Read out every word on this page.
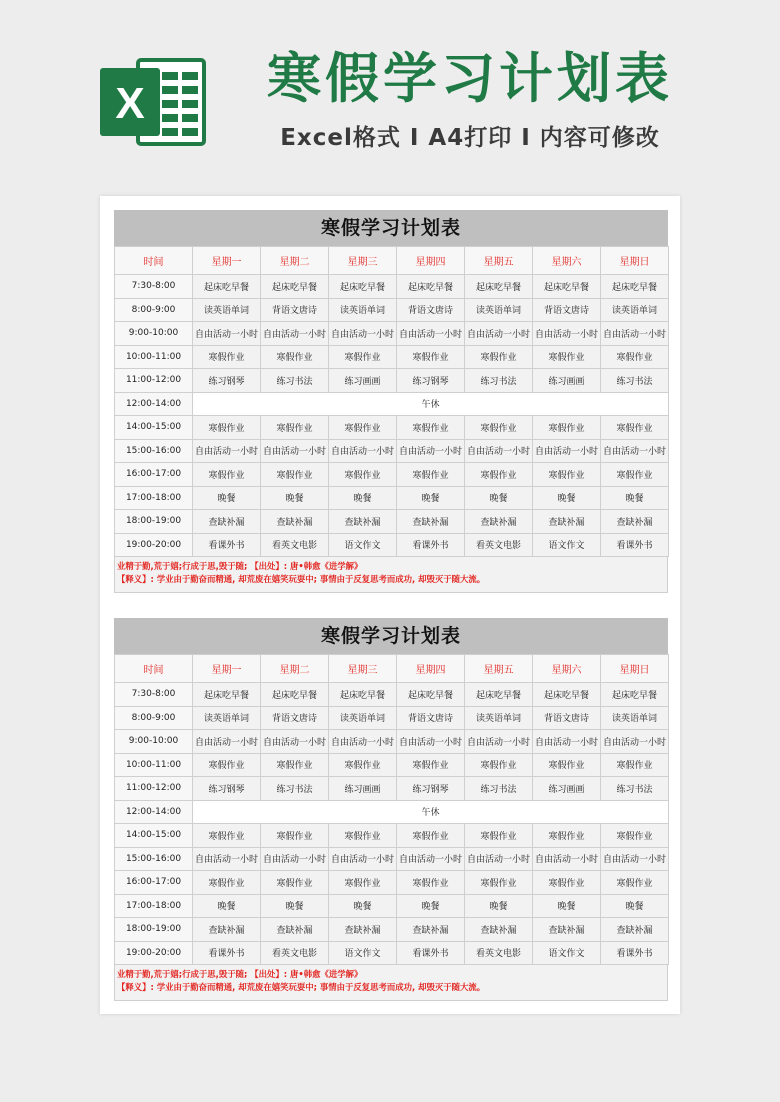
X	寒假学习计划表
Excel格式 I A4打印 I 内容可修改
寒假学习计划表
时间	星期一	星期二	星期三	星期四	星期五	星期六	星期日
7:30-8:00	起床吃早餐	起床吃早餐	起床吃早餐	起床吃早餐	起床吃早餐	起床吃早餐	起床吃早餐
8:00-9:00	读英语单词	背语文唐诗	读英语单词	背语文唐诗	读英语单词	背语文唐诗	读英语单词
9:00-10:00	自由活动一小时	自由活动一小时	自由活动一小时	自由活动一小时	自由活动一小时	自由活动一小时	自由活动一小时
10:00-11:00	寒假作业	寒假作业	寒假作业	寒假作业	寒假作业	寒假作业	寒假作业
11:00-12:00	练习钢琴	练习书法	练习画画	练习钢琴	练习书法	练习画画	练习书法
12:00-14:00	午休						
14:00-15:00	寒假作业	寒假作业	寒假作业	寒假作业	寒假作业	寒假作业	寒假作业
15:00-16:00	自由活动一小时	自由活动一小时	自由活动一小时	自由活动一小时	自由活动一小时	自由活动一小时	自由活动一小时
16:00-17:00	寒假作业	寒假作业	寒假作业	寒假作业	寒假作业	寒假作业	寒假作业
17:00-18:00	晚餐	晚餐	晚餐	晚餐	晚餐	晚餐	晚餐
18:00-19:00	查缺补漏	查缺补漏	查缺补漏	查缺补漏	查缺补漏	查缺补漏	查缺补漏
19:00-20:00	看课外书	看英文电影	语文作文	看课外书	看英文电影	语文作文	看课外书
业精于勤,荒于嬉;行成于思,毁于随; 【出处】: 唐•韩愈《进学解》
【释义】: 学业由于勤奋而精通, 却荒废在嬉笑玩耍中; 事情由于反复思考而成功, 却毁灭于随大流。
寒假学习计划表
时间	星期一	星期二	星期三	星期四	星期五	星期六	星期日
7:30-8:00	起床吃早餐	起床吃早餐	起床吃早餐	起床吃早餐	起床吃早餐	起床吃早餐	起床吃早餐
8:00-9:00	读英语单词	背语文唐诗	读英语单词	背语文唐诗	读英语单词	背语文唐诗	读英语单词
9:00-10:00	自由活动一小时	自由活动一小时	自由活动一小时	自由活动一小时	自由活动一小时	自由活动一小时	自由活动一小时
10:00-11:00	寒假作业	寒假作业	寒假作业	寒假作业	寒假作业	寒假作业	寒假作业
11:00-12:00	练习钢琴	练习书法	练习画画	练习钢琴	练习书法	练习画画	练习书法
12:00-14:00	午休						
14:00-15:00	寒假作业	寒假作业	寒假作业	寒假作业	寒假作业	寒假作业	寒假作业
15:00-16:00	自由活动一小时	自由活动一小时	自由活动一小时	自由活动一小时	自由活动一小时	自由活动一小时	自由活动一小时
16:00-17:00	寒假作业	寒假作业	寒假作业	寒假作业	寒假作业	寒假作业	寒假作业
17:00-18:00	晚餐	晚餐	晚餐	晚餐	晚餐	晚餐	晚餐
18:00-19:00	查缺补漏	查缺补漏	查缺补漏	查缺补漏	查缺补漏	查缺补漏	查缺补漏
19:00-20:00	看课外书	看英文电影	语文作文	看课外书	看英文电影	语文作文	看课外书
业精于勤,荒于嬉;行成于思,毁于随; 【出处】: 唐•韩愈《进学解》
【释义】: 学业由于勤奋而精通, 却荒废在嬉笑玩耍中; 事情由于反复思考而成功, 却毁灭于随大流。
